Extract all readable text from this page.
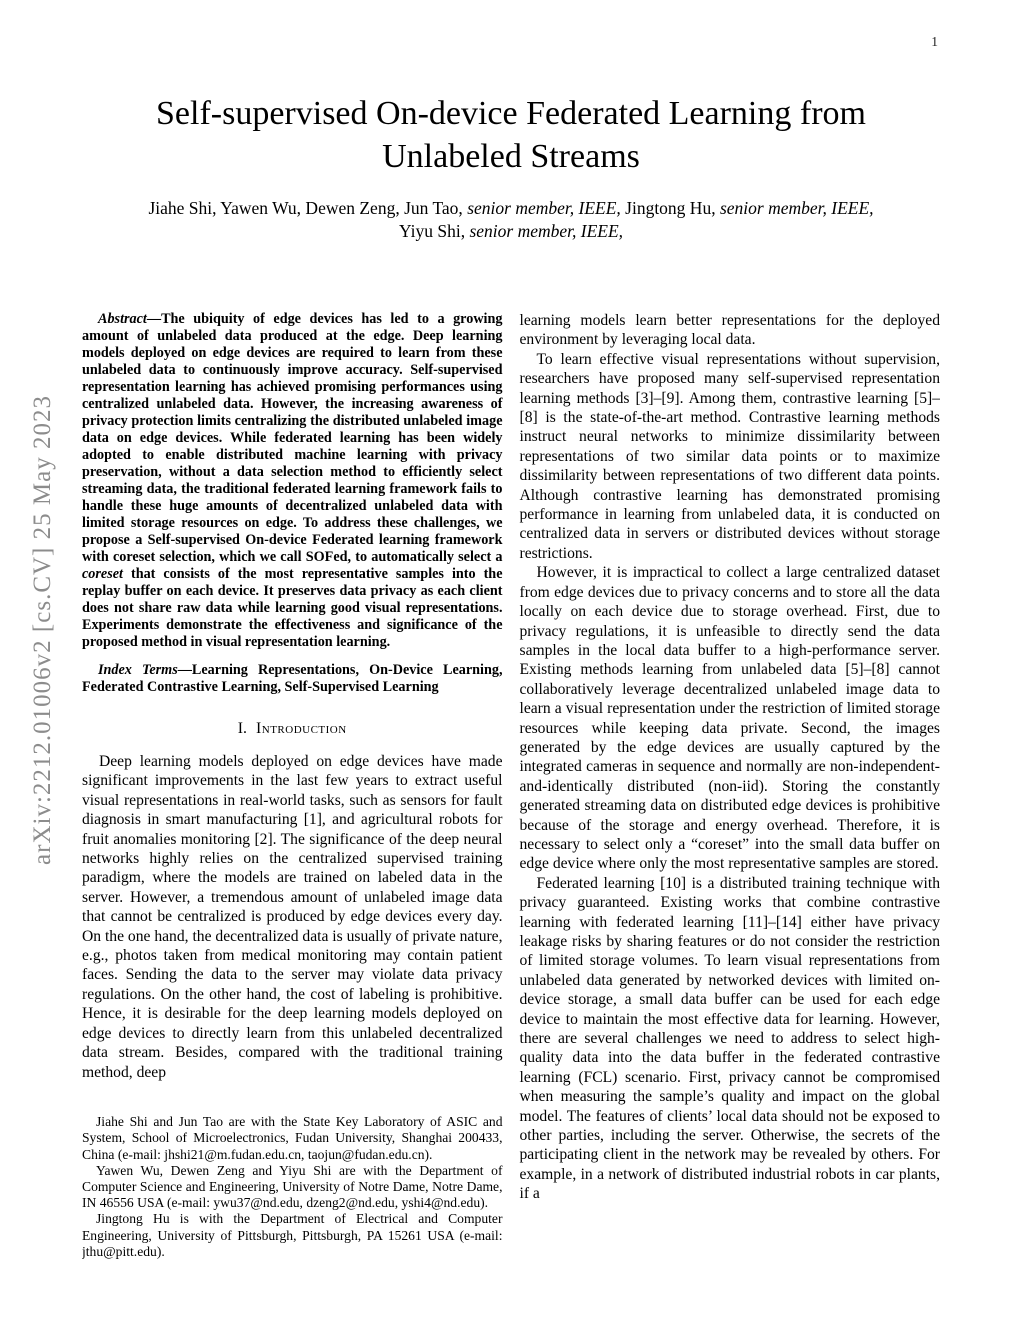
1
arXiv:2212.01006v2 [cs.CV] 25 May 2023
Self-supervised On-device Federated Learning from
Unlabeled Streams
Jiahe Shi, Yawen Wu, Dewen Zeng, Jun Tao, senior member, IEEE, Jingtong Hu, senior member, IEEE,
Yiyu Shi, senior member, IEEE,

Abstract—The ubiquity of edge devices has led to a growing amount of unlabeled data produced at the edge. Deep learning models deployed on edge devices are required to learn from these unlabeled data to continuously improve accuracy. Self-supervised representation learning has achieved promising performances using centralized unlabeled data. However, the increasing awareness of privacy protection limits centralizing the distributed unlabeled image data on edge devices. While federated learning has been widely adopted to enable distributed machine learning with privacy preservation, without a data selection method to efficiently select streaming data, the traditional federated learning framework fails to handle these huge amounts of decentralized unlabeled data with limited storage resources on edge. To address these challenges, we propose a Self-supervised On-device Federated learning framework with coreset selection, which we call SOFed, to automatically select a coreset that consists of the most representative samples into the replay buffer on each device. It preserves data privacy as each client does not share raw data while learning good visual representations. Experiments demonstrate the effectiveness and significance of the proposed method in visual representation learning.

Index Terms—Learning Representations, On-Device Learning, Federated Contrastive Learning, Self-Supervised Learning

I. Introduction

Deep learning models deployed on edge devices have made significant improvements in the last few years to extract useful visual representations in real-world tasks, such as sensors for fault diagnosis in smart manufacturing [1], and agricultural robots for fruit anomalies monitoring [2]. The significance of the deep neural networks highly relies on the centralized supervised training paradigm, where the models are trained on labeled data in the server. However, a tremendous amount of unlabeled image data that cannot be centralized is produced by edge devices every day. On the one hand, the decentralized data is usually of private nature, e.g., photos taken from medical monitoring may contain patient faces. Sending the data to the server may violate data privacy regulations. On the other hand, the cost of labeling is prohibitive. Hence, it is desirable for the deep learning models deployed on edge devices to directly learn from this unlabeled decentralized data stream. Besides, compared with the traditional training method, deep

Jiahe Shi and Jun Tao are with the State Key Laboratory of ASIC and System, School of Microelectronics, Fudan University, Shanghai 200433, China (e-mail: jhshi21@m.fudan.edu.cn, taojun@fudan.edu.cn).

Yawen Wu, Dewen Zeng and Yiyu Shi are with the Department of Computer Science and Engineering, University of Notre Dame, Notre Dame, IN 46556 USA (e-mail: ywu37@nd.edu, dzeng2@nd.edu, yshi4@nd.edu).

Jingtong Hu is with the Department of Electrical and Computer Engineering, University of Pittsburgh, Pittsburgh, PA 15261 USA (e-mail: jthu@pitt.edu).

learning models learn better representations for the deployed environment by leveraging local data.

To learn effective visual representations without supervision, researchers have proposed many self-supervised representation learning methods [3]–[9]. Among them, contrastive learning [5]–[8] is the state-of-the-art method. Contrastive learning methods instruct neural networks to minimize dissimilarity between representations of two similar data points or to maximize dissimilarity between representations of two different data points. Although contrastive learning has demonstrated promising performance in learning from unlabeled data, it is conducted on centralized data in servers or distributed devices without storage restrictions.

However, it is impractical to collect a large centralized dataset from edge devices due to privacy concerns and to store all the data locally on each device due to storage overhead. First, due to privacy regulations, it is unfeasible to directly send the data samples in the local data buffer to a high-performance server. Existing methods learning from unlabeled data [5]–[8] cannot collaboratively leverage decentralized unlabeled image data to learn a visual representation under the restriction of limited storage resources while keeping data private. Second, the images generated by the edge devices are usually captured by the integrated cameras in sequence and normally are non-independent-and-identically distributed (non-iid). Storing the constantly generated streaming data on distributed edge devices is prohibitive because of the storage and energy overhead. Therefore, it is necessary to select only a “coreset” into the small data buffer on edge device where only the most representative samples are stored.

Federated learning [10] is a distributed training technique with privacy guaranteed. Existing works that combine contrastive learning with federated learning [11]–[14] either have privacy leakage risks by sharing features or do not consider the restriction of limited storage volumes. To learn visual representations from unlabeled data generated by networked devices with limited on-device storage, a small data buffer can be used for each edge device to maintain the most effective data for learning. However, there are several challenges we need to address to select high-quality data into the data buffer in the federated contrastive learning (FCL) scenario. First, privacy cannot be compromised when measuring the sample’s quality and impact on the global model. The features of clients’ local data should not be exposed to other parties, including the server. Otherwise, the secrets of the participating client in the network may be revealed by others. For example, in a network of distributed industrial robots in car plants, if a
